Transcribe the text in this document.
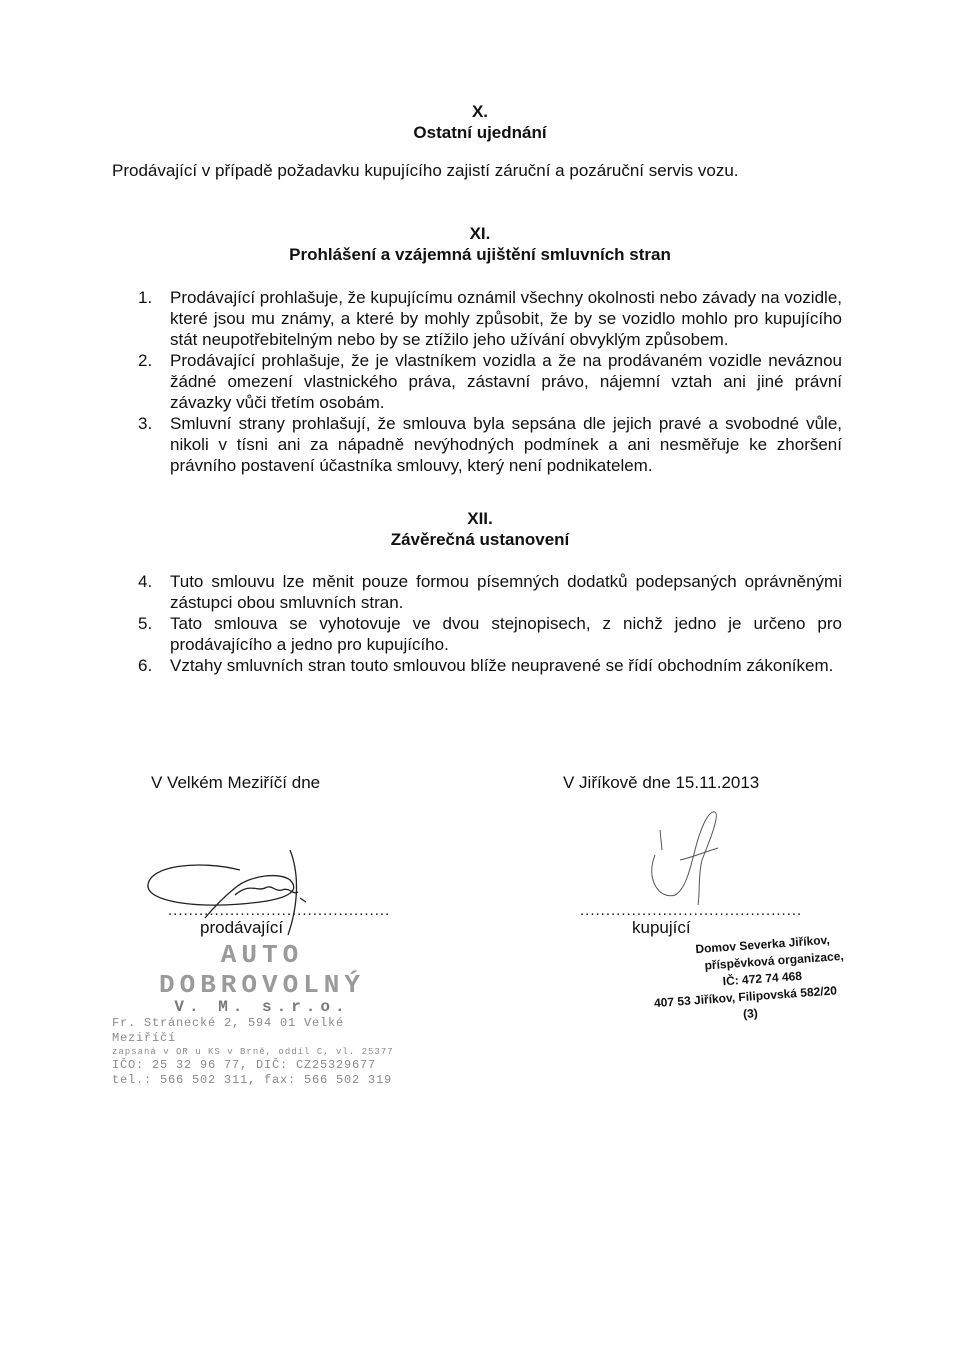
X.
Ostatní ujednání
Prodávající v případě požadavku kupujícího zajistí záruční a pozáruční servis vozu.
XI.
Prohlášení a vzájemná ujištění smluvních stran

1. Prodávající prohlašuje, že kupujícímu oznámil všechny okolnosti nebo závady na vozidle, které jsou mu známy, a které by mohly způsobit, že by se vozidlo mohlo pro kupujícího stát neupotřebitelným nebo by se ztížilo jeho užívání obvyklým způsobem.

2. Prodávající prohlašuje, že je vlastníkem vozidla a že na prodávaném vozidle neváznou žádné omezení vlastnického práva, zástavní právo, nájemní vztah ani jiné právní závazky vůči třetím osobám.

3. Smluvní strany prohlašují, že smlouva byla sepsána dle jejich pravé a svobodné vůle, nikoli v tísni ani za nápadně nevýhodných podmínek a ani nesměřuje ke zhoršení právního postavení účastníka smlouvy, který není podnikatelem.

XII.
Závěrečná ustanovení

4. Tuto smlouvu lze měnit pouze formou písemných dodatků podepsaných oprávněnými zástupci obou smluvních stran.

5. Tato smlouva se vyhotovuje ve dvou stejnopisech, z nichž jedno je určeno pro prodávajícího a jedno pro kupujícího.

6. Vztahy smluvních stran touto smlouvou blíže neupravené se řídí obchodním zákoníkem.

V Velkém Meziříčí dne	V Jiříkově dne 15.11.2013
...........................................
prodávající
...........................................
kupující
AUTO DOBROVOLNÝ
V. M. s.r.o.
Fr. Stránecké 2, 594 01 Velké Meziříčí
zapsaná v OR u KS v Brně, oddíl C, vl. 25377
IČO: 25 32 96 77, DIČ: CZ25329677
tel.: 566 502 311, fax: 566 502 319
Domov Severka Jiříkov,
příspěvková organizace,
IČ: 472 74 468
407 53 Jiříkov, Filipovská 582/20
(3)
